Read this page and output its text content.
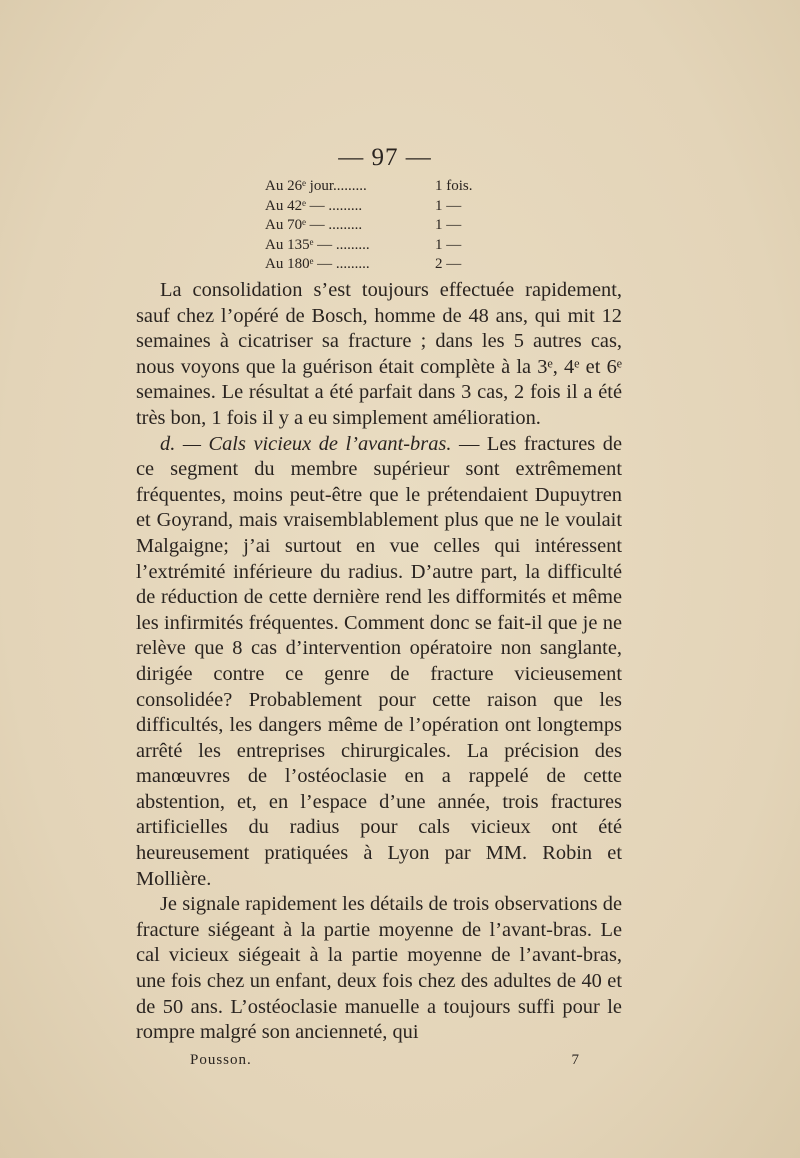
— 97 —
Au 26ᵉ jour.........	1 fois.
Au 42ᵉ — .........	1 —
Au 70ᵉ — .........	1 —
Au 135ᵉ — .........	1 —
Au 180ᵉ — .........	2 —

La consolidation s’est toujours effectuée rapidement, sauf chez l’opéré de Bosch, homme de 48 ans, qui mit 12 semaines à cicatriser sa fracture ; dans les 5 autres cas, nous voyons que la guérison était complète à la 3ᵉ, 4ᵉ et 6ᵉ semaines. Le résultat a été parfait dans 3 cas, 2 fois il a été très bon, 1 fois il y a eu simplement amélioration.

d. — Cals vicieux de l’avant-bras. — Les fractures de ce segment du membre supérieur sont extrêmement fréquentes, moins peut-être que le prétendaient Dupuytren et Goyrand, mais vraisemblablement plus que ne le voulait Malgaigne; j’ai surtout en vue celles qui intéressent l’extrémité inférieure du radius. D’autre part, la difficulté de réduction de cette dernière rend les difformités et même les infirmités fréquentes. Comment donc se fait-il que je ne relève que 8 cas d’intervention opératoire non sanglante, dirigée contre ce genre de fracture vicieusement consolidée? Probablement pour cette raison que les difficultés, les dangers même de l’opération ont longtemps arrêté les entreprises chirurgicales. La précision des manœuvres de l’ostéoclasie en a rappelé de cette abstention, et, en l’espace d’une année, trois fractures artificielles du radius pour cals vicieux ont été heureusement pratiquées à Lyon par MM. Robin et Mollière.

Je signale rapidement les détails de trois observations de fracture siégeant à la partie moyenne de l’avant-bras. Le cal vicieux siégeait à la partie moyenne de l’avant-bras, une fois chez un enfant, deux fois chez des adultes de 40 et de 50 ans. L’ostéoclasie manuelle a toujours suffi pour le rompre malgré son ancienneté, qui

Pousson.	7
